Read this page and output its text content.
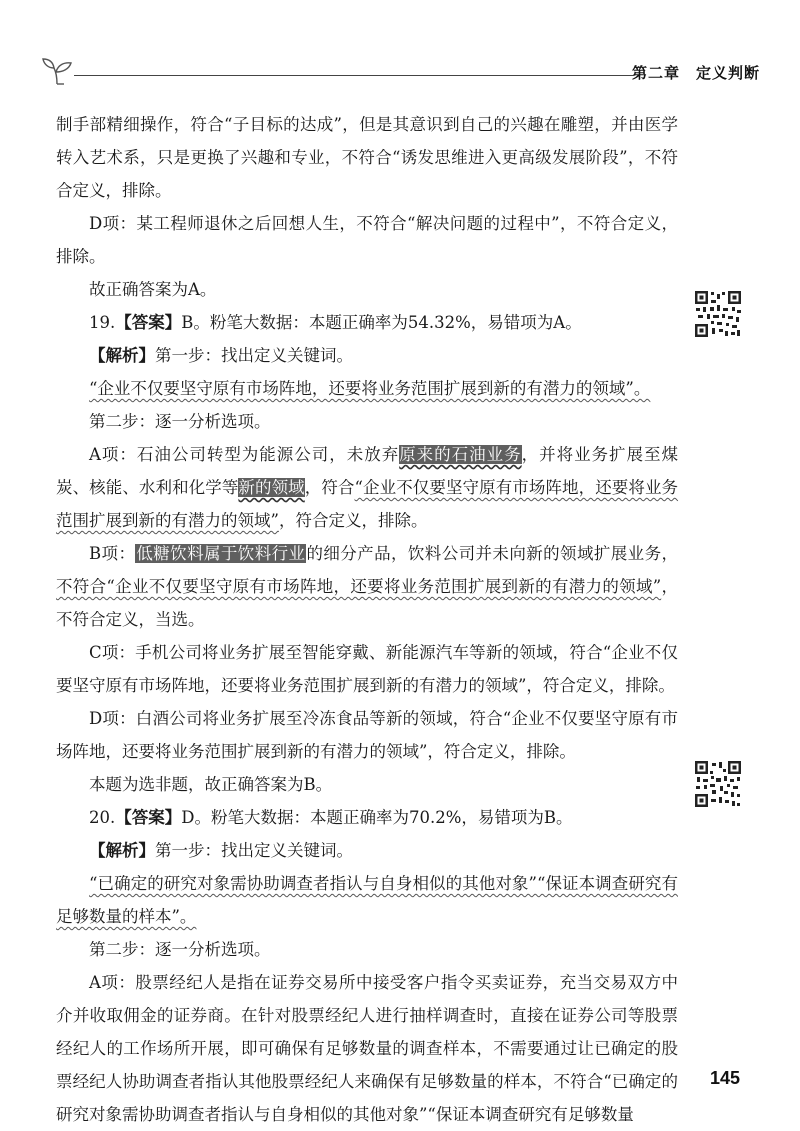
第二章　定义判断

制手部精细操作，符合“子目标的达成”，但是其意识到自己的兴趣在雕塑，并由医学转入艺术系，只是更换了兴趣和专业，不符合“诱发思维进入更高级发展阶段”，不符合定义，排除。

D项：某工程师退休之后回想人生，不符合“解决问题的过程中”，不符合定义，排除。

故正确答案为A。

19.【答案】B。粉笔大数据：本题正确率为54.32%，易错项为A。

【解析】第一步：找出定义关键词。

“企业不仅要坚守原有市场阵地，还要将业务范围扩展到新的有潜力的领域”。

第二步：逐一分析选项。

A项：石油公司转型为能源公司，未放弃原来的石油业务，并将业务扩展至煤炭、核能、水利和化学等新的领域，符合“企业不仅要坚守原有市场阵地，还要将业务范围扩展到新的有潜力的领域”，符合定义，排除。

B项：低糖饮料属于饮料行业的细分产品，饮料公司并未向新的领域扩展业务，不符合“企业不仅要坚守原有市场阵地，还要将业务范围扩展到新的有潜力的领域”，不符合定义，当选。

C项：手机公司将业务扩展至智能穿戴、新能源汽车等新的领域，符合“企业不仅要坚守原有市场阵地，还要将业务范围扩展到新的有潜力的领域”，符合定义，排除。

D项：白酒公司将业务扩展至冷冻食品等新的领域，符合“企业不仅要坚守原有市场阵地，还要将业务范围扩展到新的有潜力的领域”，符合定义，排除。

本题为选非题，故正确答案为B。

20.【答案】D。粉笔大数据：本题正确率为70.2%，易错项为B。

【解析】第一步：找出定义关键词。

“已确定的研究对象需协助调查者指认与自身相似的其他对象”“保证本调查研究有足够数量的样本”。

第二步：逐一分析选项。

A项：股票经纪人是指在证券交易所中接受客户指令买卖证券，充当交易双方中介并收取佣金的证券商。在针对股票经纪人进行抽样调查时，直接在证券公司等股票经纪人的工作场所开展，即可确保有足够数量的调查样本，不需要通过让已确定的股票经纪人协助调查者指认其他股票经纪人来确保有足够数量的样本，不符合“已确定的研究对象需协助调查者指认与自身相似的其他对象”“保证本调查研究有足够数量

145
